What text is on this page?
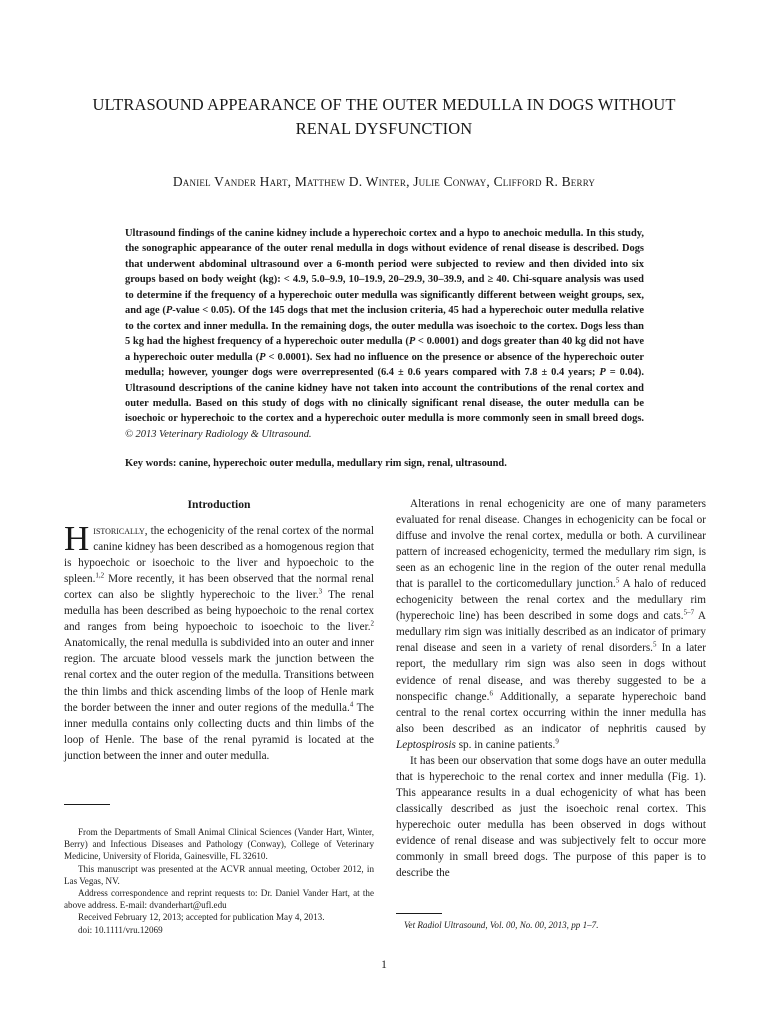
ULTRASOUND APPEARANCE OF THE OUTER MEDULLA IN DOGS WITHOUT RENAL DYSFUNCTION
Daniel Vander Hart, Matthew D. Winter, Julie Conway, Clifford R. Berry
Ultrasound findings of the canine kidney include a hyperechoic cortex and a hypo to anechoic medulla. In this study, the sonographic appearance of the outer renal medulla in dogs without evidence of renal disease is described. Dogs that underwent abdominal ultrasound over a 6-month period were subjected to review and then divided into six groups based on body weight (kg): < 4.9, 5.0–9.9, 10–19.9, 20–29.9, 30–39.9, and ≥ 40. Chi-square analysis was used to determine if the frequency of a hyperechoic outer medulla was significantly different between weight groups, sex, and age (P-value < 0.05). Of the 145 dogs that met the inclusion criteria, 45 had a hyperechoic outer medulla relative to the cortex and inner medulla. In the remaining dogs, the outer medulla was isoechoic to the cortex. Dogs less than 5 kg had the highest frequency of a hyperechoic outer medulla (P < 0.0001) and dogs greater than 40 kg did not have a hyperechoic outer medulla (P < 0.0001). Sex had no influence on the presence or absence of the hyperechoic outer medulla; however, younger dogs were overrepresented (6.4 ± 0.6 years compared with 7.8 ± 0.4 years; P = 0.04). Ultrasound descriptions of the canine kidney have not taken into account the contributions of the renal cortex and outer medulla. Based on this study of dogs with no clinically significant renal disease, the outer medulla can be isoechoic or hyperechoic to the cortex and a hyperechoic outer medulla is more commonly seen in small breed dogs. © 2013 Veterinary Radiology & Ultrasound.
Key words: canine, hyperechoic outer medulla, medullary rim sign, renal, ultrasound.
Introduction

Historically, the echogenicity of the renal cortex of the normal canine kidney has been described as a homogenous region that is hypoechoic or isoechoic to the liver and hypoechoic to the spleen.$^{1,2}$ More recently, it has been observed that the normal renal cortex can also be slightly hyperechoic to the liver.$^3$ The renal medulla has been described as being hypoechoic to the renal cortex and ranges from being hypoechoic to isoechoic to the liver.$^2$ Anatomically, the renal medulla is subdivided into an outer and inner region. The arcuate blood vessels mark the junction between the renal cortex and the outer region of the medulla. Transitions between the thin limbs and thick ascending limbs of the loop of Henle mark the border between the inner and outer regions of the medulla.$^4$ The inner medulla contains only collecting ducts and thin limbs of the loop of Henle. The base of the renal pyramid is located at the junction between the inner and outer medulla.

From the Departments of Small Animal Clinical Sciences (Vander Hart, Winter, Berry) and Infectious Diseases and Pathology (Conway), College of Veterinary Medicine, University of Florida, Gainesville, FL 32610.

This manuscript was presented at the ACVR annual meeting, October 2012, in Las Vegas, NV.

Address correspondence and reprint requests to: Dr. Daniel Vander Hart, at the above address. E-mail: dvanderhart@ufl.edu

Received February 12, 2013; accepted for publication May 4, 2013.

doi: 10.1111/vru.12069

Alterations in renal echogenicity are one of many parameters evaluated for renal disease. Changes in echogenicity can be focal or diffuse and involve the renal cortex, medulla or both. A curvilinear pattern of increased echogenicity, termed the medullary rim sign, is seen as an echogenic line in the region of the outer renal medulla that is parallel to the corticomedullary junction.$^5$ A halo of reduced echogenicity between the renal cortex and the medullary rim (hyperechoic line) has been described in some dogs and cats.$^{5-7}$ A medullary rim sign was initially described as an indicator of primary renal disease and seen in a variety of renal disorders.$^5$ In a later report, the medullary rim sign was also seen in dogs without evidence of renal disease, and was thereby suggested to be a nonspecific change.$^6$ Additionally, a separate hyperechoic band central to the renal cortex occurring within the inner medulla has also been described as an indicator of nephritis caused by Leptospirosis sp. in canine patients.$^9$

It has been our observation that some dogs have an outer medulla that is hyperechoic to the renal cortex and inner medulla (Fig. 1). This appearance results in a dual echogenicity of what has been classically described as just the isoechoic renal cortex. This hyperechoic outer medulla has been observed in dogs without evidence of renal disease and was subjectively felt to occur more commonly in small breed dogs. The purpose of this paper is to describe the

Vet Radiol Ultrasound, Vol. 00, No. 00, 2013, pp 1–7.
1
